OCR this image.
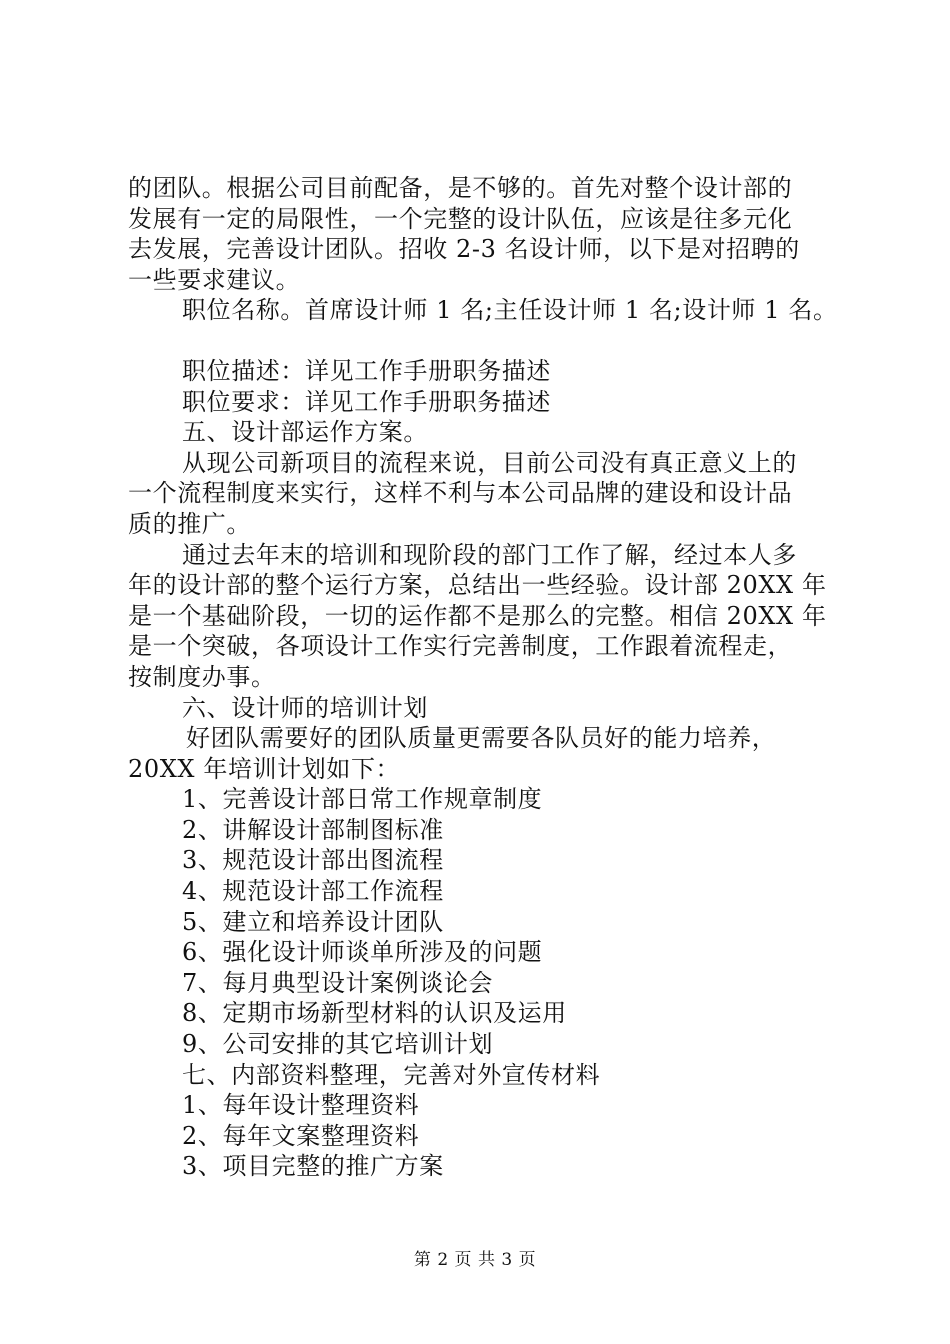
的团队。根据公司目前配备，是不够的。首先对整个设计部的
发展有一定的局限性，一个完整的设计队伍，应该是往多元化
去发展，完善设计团队。招收 2-3 名设计师，以下是对招聘的
一些要求建议。
职位名称。首席设计师 1 名;主任设计师 1 名;设计师 1 名。
职位描述：详见工作手册职务描述
职位要求：详见工作手册职务描述
五、设计部运作方案。
从现公司新项目的流程来说，目前公司没有真正意义上的
一个流程制度来实行，这样不利与本公司品牌的建设和设计品
质的推广。
通过去年末的培训和现阶段的部门工作了解，经过本人多
年的设计部的整个运行方案，总结出一些经验。设计部 20XX 年
是一个基础阶段，一切的运作都不是那么的完整。相信 20XX 年
是一个突破，各项设计工作实行完善制度，工作跟着流程走，
按制度办事。
六、设计师的培训计划
好团队需要好的团队质量更需要各队员好的能力培养，
20XX 年培训计划如下：
1、完善设计部日常工作规章制度
2、讲解设计部制图标准
3、规范设计部出图流程
4、规范设计部工作流程
5、建立和培养设计团队
6、强化设计师谈单所涉及的问题
7、每月典型设计案例谈论会
8、定期市场新型材料的认识及运用
9、公司安排的其它培训计划
七、内部资料整理，完善对外宣传材料
1、每年设计整理资料
2、每年文案整理资料
3、项目完整的推广方案
第 2 页 共 3 页
